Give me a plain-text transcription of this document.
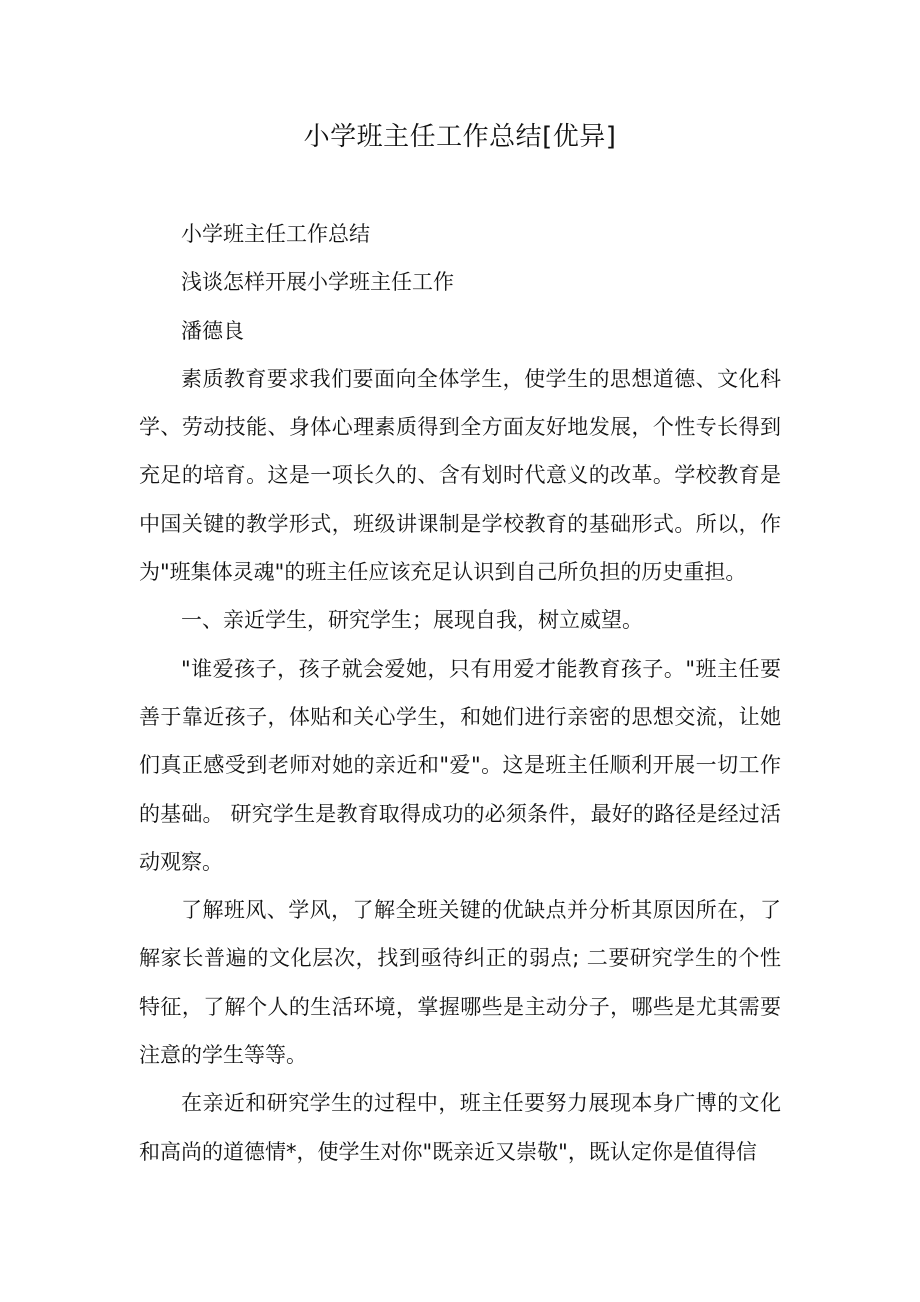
小学班主任工作总结[优异]

小学班主任工作总结

浅谈怎样开展小学班主任工作

潘德良

素质教育要求我们要面向全体学生，使学生的思想道德、文化科学、劳动技能、身体心理素质得到全方面友好地发展，个性专长得到充足的培育。这是一项长久的、含有划时代意义的改革。学校教育是中国关键的教学形式，班级讲课制是学校教育的基础形式。所以，作为"班集体灵魂"的班主任应该充足认识到自己所负担的历史重担。

一、亲近学生，研究学生；展现自我，树立威望。

"谁爱孩子，孩子就会爱她，只有用爱才能教育孩子。"班主任要善于靠近孩子，体贴和关心学生，和她们进行亲密的思想交流，让她们真正感受到老师对她的亲近和"爱"。这是班主任顺利开展一切工作的基础。 研究学生是教育取得成功的必须条件，最好的路径是经过活动观察。

了解班风、学风，了解全班关键的优缺点并分析其原因所在，了解家长普遍的文化层次，找到亟待纠正的弱点; 二要研究学生的个性特征，了解个人的生活环境，掌握哪些是主动分子，哪些是尤其需要注意的学生等等。

在亲近和研究学生的过程中，班主任要努力展现本身广博的文化和高尚的道德情*，使学生对你"既亲近又崇敬"，既认定你是值得信
